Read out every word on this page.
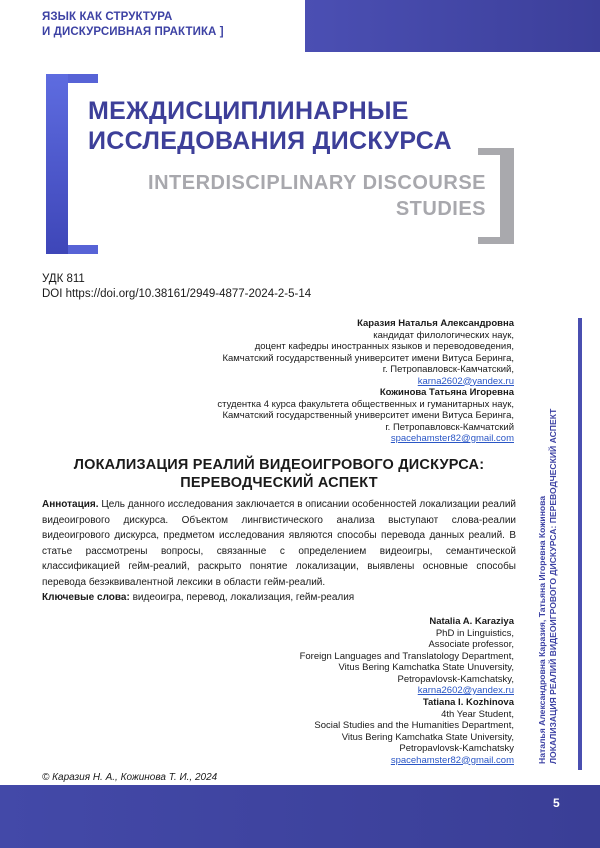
ЯЗЫК КАК СТРУКТУРА
И ДИСКУРСИВНАЯ ПРАКТИКА ]
МЕЖДИСЦИПЛИНАРНЫЕ
ИССЛЕДОВАНИЯ ДИСКУРСА
INTERDISCIPLINARY DISCOURSE
STUDIES
УДК 811
DOI https://doi.org/10.38161/2949-4877-2024-2-5-14
Каразия Наталья Александровна
кандидат филологических наук,
доцент кафедры иностранных языков и переводоведения,
Камчатский государственный университет имени Витуса Беринга,
г. Петропавловск-Камчатский,
karna2602@yandex.ru
Кожинова Татьяна Игоревна
студентка 4 курса факультета общественных и гуманитарных наук,
Камчатский государственный университет имени Витуса Беринга,
г. Петропавловск-Камчатский
spacehamster82@gmail.com
ЛОКАЛИЗАЦИЯ РЕАЛИЙ ВИДЕОИГРОВОГО ДИСКУРСА:
ПЕРЕВОДЧЕСКИЙ АСПЕКТ
Аннотация. Цель данного исследования заключается в описании особенностей локализации реалий видеоигрового дискурса. Объектом лингвистического анализа выступают слова-реалии видеоигрового дискурса, предметом исследования являются способы перевода данных реалий. В статье рассмотрены вопросы, связанные с определением видеоигры, семантической классификацией гейм-реалий, раскрыто понятие локализации, выявлены основные способы перевода безэквивалентной лексики в области гейм-реалий.
Ключевые слова: видеоигра, перевод, локализация, гейм-реалия
Natalia A. Karaziya
PhD in Linguistics,
Associate professor,
Foreign Languages and Translatology Department,
Vitus Bering Kamchatka State Unuversity,
Petropavlovsk-Kamchatsky,
karna2602@yandex.ru
Tatiana I. Kozhinova
4th Year Student,
Social Studies and the Humanities Department,
Vitus Bering Kamchatka State University,
Petropavlovsk-Kamchatsky
spacehamster82@gmail.com	Наталья Александровна Каразия, Татьяна Игоревна Кожинова ЛОКАЛИЗАЦИЯ РЕАЛИЙ ВИДЕОИГРОВОГО ДИСКУРСА: ПЕРЕВОДЧЕСКИЙ АСПЕКТ
© Каразия Н. А., Кожинова Т. И., 2024
5
